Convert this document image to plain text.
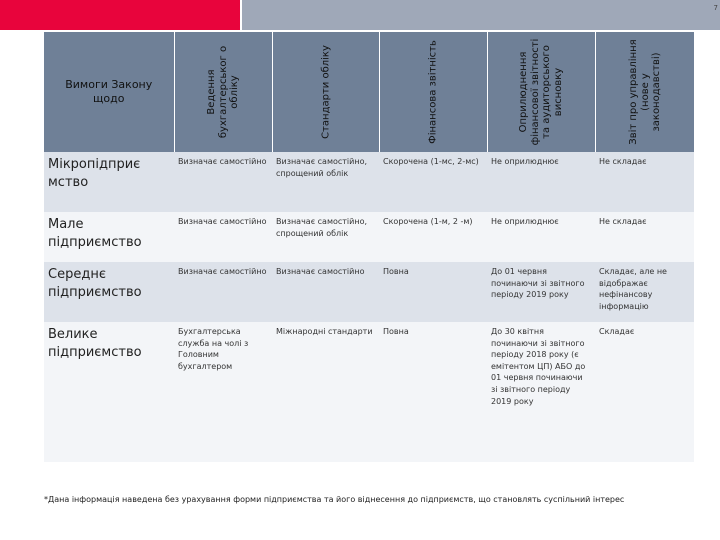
7
Вимоги Закону щодо	Ведення бухгалтерськог о обліку	Стандарти обліку	Фінансова звітність	Оприлюднення фінансової звітності та аудиторського висновку	Звіт про управління (нове у законодавстві)

Мікропідприє мство	Визначає самостійно	Визначає самостійно, спрощений облік	Скорочена (1-мс, 2-мс)	Не оприлюднює	Не складає
Мале підприємство	Визначає самостійно	Визначає самостійно, спрощений облік	Скорочена (1-м, 2 -м)	Не оприлюднює	Не складає
Середнє підприємство	Визначає самостійно	Визначає самостійно	Повна	До 01 червня починаючи зі звітного періоду 2019 року	Складає, але не відображає нефінансову інформацію
Велике підприємство	Бухгалтерська служба на чолі з Головним бухгалтером	Міжнародні стандарти	Повна	До 30 квітня починаючи зі звітного періоду 2018 року (є емітентом ЦП) АБО до 01 червня починаючи зі звітного періоду 2019 року	Складає
*Дана інформація наведена без урахування форми підприємства та його віднесення до підприємств, що становлять суспільний інтерес
